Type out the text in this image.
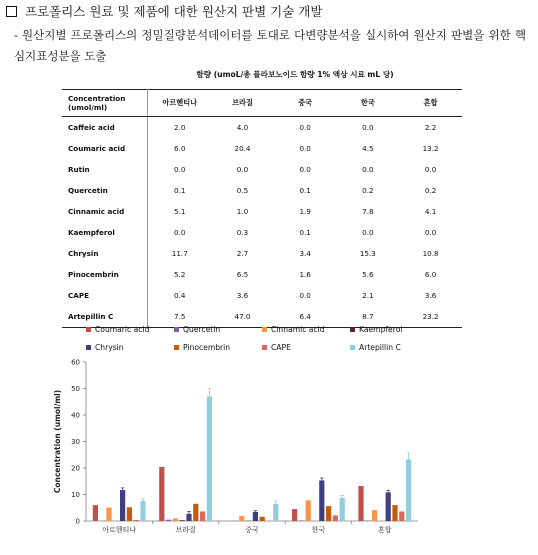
프로폴리스 원료 및 제품에 대한 원산지 판별 기술 개발
- 원산지별 프로폴리스의 정밀질량분석데이터를 토대로 다변량분석을 실시하여 원산지 판별을 위한 핵심지표성분을 도출
함량 (umoL/총 플라보노이드 함량 1% 액상 시료 mL 당)
Concentration
(umol/ml)	아르헨티나	브라질	중국	한국	혼합
Caffeic acid	2.0	4.0	0.0	0.0	2.2
Coumaric acid	6.0	20.4	0.0	4.5	13.2
Rutin	0.0	0.0	0.0	0.0	0.0
Quercetin	0.1	0.5	0.1	0.2	0.2
Cinnamic acid	5.1	1.0	1.9	7.8	4.1
Kaempferol	0.0	0.3	0.1	0.0	0.0
Chrysin	11.7	2.7	3.4	15.3	10.8
Pinocembrin	5.2	6.5	1.6	5.6	6.0
CAPE	0.4	3.6	0.0	2.1	3.6
Artepillin C	7.5	47.0	6.4	8.7	23.2
Coumaric acid	Quercetin	Cinnamic acid	Kaempferol
Chrysin	Pinocembrin	CAPE	Artepillin C
0
10
20
30
40
50
60
Concentration (umol/ml)
아르헨티나	브라질	중국	한국	혼합
